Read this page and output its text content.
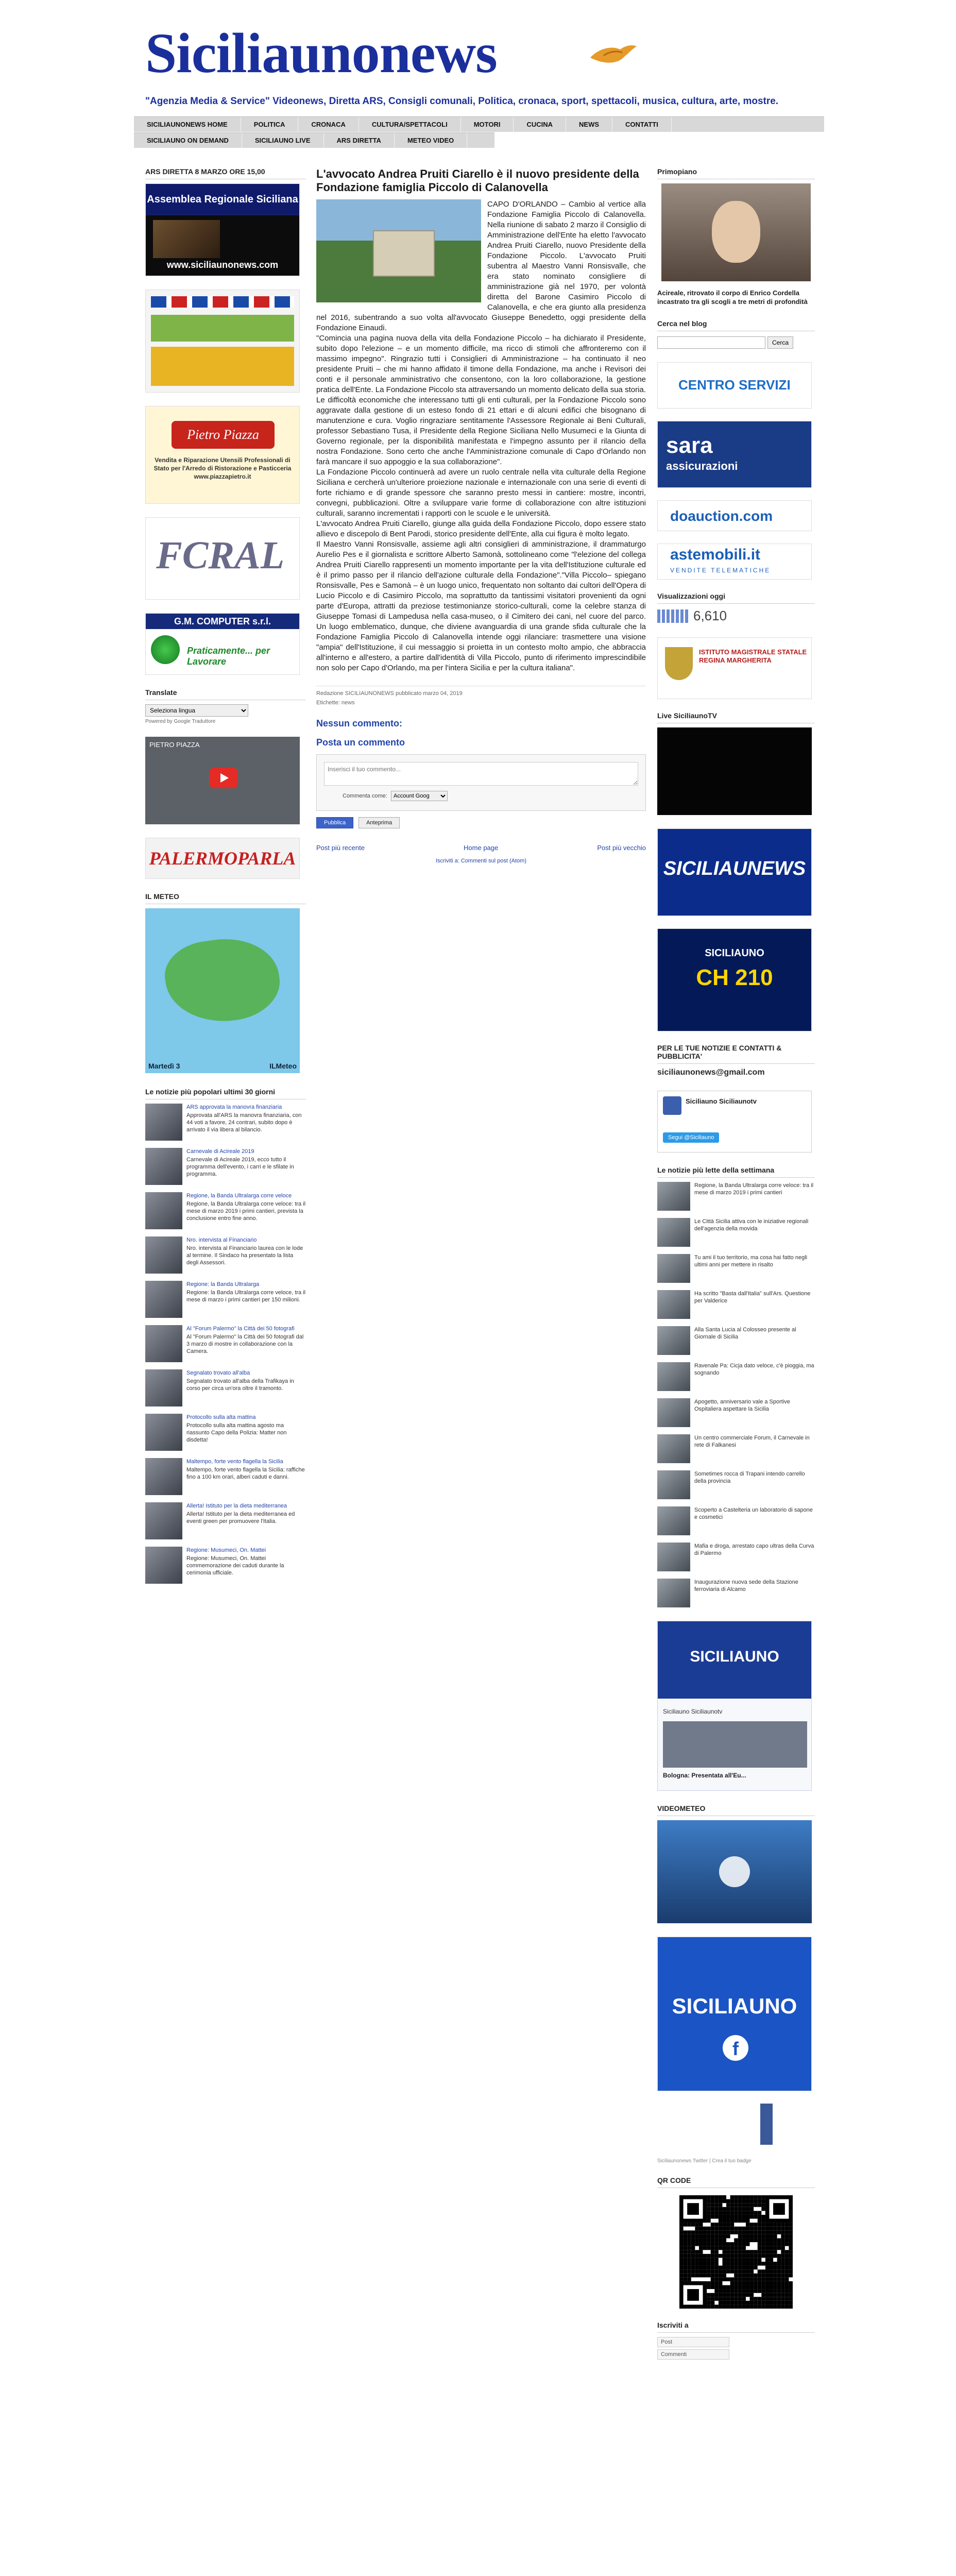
Siciliaunonews
"Agenzia Media & Service" Videonews, Diretta ARS, Consigli comunali, Politica, cronaca, sport, spettacoli, musica, cultura, arte, mostre.
SICILIAUNONEWS HOME	POLITICA	CRONACA	CULTURA/SPETTACOLI	MOTORI	CUCINA	NEWS	CONTATTI
SICILIAUNO ON DEMAND	SICILIAUNO LIVE	ARS DIRETTA	METEO VIDEO
ARS DIRETTA 8 MARZO ORE 15,00
Assemblea Regionale Siciliana
www.siciliaunonews.com
Pietro Piazza
Vendita e Riparazione Utensili Professionali di Stato per l'Arredo di Ristorazione e Pasticceria
www.piazzapietro.it
FCRAL
G.M. COMPUTER s.r.l.
Praticamente... per Lavorare
Translate
Seleziona lingua
Powered by Google Traduttore
PIETRO PIAZZA
PALERMOPARLA
IL METEO
Martedì 3	ILMeteo
Le notizie più popolari ultimi 30 giorni
ARS approvata la manovra finanziaria
Approvata all'ARS la manovra finanziaria, con 44 voti a favore, 24 contrari, subito dopo è arrivato il via libera al bilancio.
Carnevale di Acireale 2019
Carnevale di Acireale 2019, ecco tutto il programma dell'evento, i carri e le sfilate in programma.
Regione, la Banda Ultralarga corre veloce
Regione, la Banda Ultralarga corre veloce: tra il mese di marzo 2019 i primi cantieri, prevista la conclusione entro fine anno.
Nro. intervista al Financiario
Nro. intervista al Financiario laurea con le lode al termine. Il Sindaco ha presentato la lista degli Assessori.
Regione: la Banda Ultralarga
Regione: la Banda Ultralarga corre veloce, tra il mese di marzo i primi cantieri per 150 milioni.
Al "Forum Palermo" la Città dei 50 fotografi
Al "Forum Palermo" la Città dei 50 fotografi dal 3 marzo di mostre in collaborazione con la Camera.
Segnalato trovato all'alba
Segnalato trovato all'alba della Trafikaya in corso per circa un'ora oltre il tramonto.
Protocollo sulla alta mattina
Protocollo sulla alta mattina agosto ma riassunto Capo della Polizia: Matter non disdetta!
Maltempo, forte vento flagella la Sicilia
Maltempo, forte vento flagella la Sicilia: raffiche fino a 100 km orari, alberi caduti e danni.
Allerta! Istituto per la dieta mediterranea
Allerta! Istituto per la dieta mediterranea ed eventi green per promuovere l'Italia.
Regione: Musumeci, On. Mattei
Regione: Musumeci, On. Mattei commemorazione dei caduti durante la cerimonia ufficiale.
L'avvocato Andrea Pruiti Ciarello è il nuovo presidente della Fondazione famiglia Piccolo di Calanovella

CAPO D'ORLANDO – Cambio al vertice alla Fondazione Famiglia Piccolo di Calanovella. Nella riunione di sabato 2 marzo il Consiglio di Amministrazione dell'Ente ha eletto l'avvocato Andrea Pruiti Ciarello, nuovo Presidente della Fondazione Piccolo. L'avvocato Pruiti subentra al Maestro Vanni Ronsisvalle, che era stato nominato consigliere di amministrazione già nel 1970, per volontà diretta del Barone Casimiro Piccolo di Calanovella, e che era giunto alla presidenza nel 2016, subentrando a suo volta all'avvocato Giuseppe Benedetto, oggi presidente della Fondazione Einaudi.

"Comincia una pagina nuova della vita della Fondazione Piccolo – ha dichiarato il Presidente, subito dopo l'elezione – e un momento difficile, ma ricco di stimoli che affronteremo con il massimo impegno". Ringrazio tutti i Consiglieri di Amministrazione – ha continuato il neo presidente Pruiti – che mi hanno affidato il timone della Fondazione, ma anche i Revisori dei conti e il personale amministrativo che consentono, con la loro collaborazione, la gestione pratica dell'Ente. La Fondazione Piccolo sta attraversando un momento delicato della sua storia. Le difficoltà economiche che interessano tutti gli enti culturali, per la Fondazione Piccolo sono aggravate dalla gestione di un esteso fondo di 21 ettari e di alcuni edifici che bisognano di manutenzione e cura. Voglio ringraziare sentitamente l'Assessore Regionale ai Beni Culturali, professor Sebastiano Tusa, il Presidente della Regione Siciliana Nello Musumeci e la Giunta di Governo regionale, per la disponibilità manifestata e l'impegno assunto per il rilancio della nostra Fondazione. Sono certo che anche l'Amministrazione comunale di Capo d'Orlando non farà mancare il suo appoggio e la sua collaborazione".

La Fondazione Piccolo continuerà ad avere un ruolo centrale nella vita culturale della Regione Siciliana e cercherà un'ulteriore proiezione nazionale e internazionale con una serie di eventi di forte richiamo e di grande spessore che saranno presto messi in cantiere: mostre, incontri, convegni, pubblicazioni. Oltre a sviluppare varie forme di collaborazione con altre istituzioni culturali, saranno incrementati i rapporti con le scuole e le università.

L'avvocato Andrea Pruiti Ciarello, giunge alla guida della Fondazione Piccolo, dopo essere stato allievo e discepolo di Bent Parodi, storico presidente dell'Ente, alla cui figura è molto legato.

Il Maestro Vanni Ronsisvalle, assieme agli altri consiglieri di amministrazione, il drammaturgo Aurelio Pes e il giornalista e scrittore Alberto Samonà, sottolineano come "l'elezione del collega Andrea Pruiti Ciarello rappresenti un momento importante per la vita dell'Istituzione culturale ed è il primo passo per il rilancio dell'azione culturale della Fondazione"."Villa Piccolo– spiegano Ronsisvalle, Pes e Samonà – è un luogo unico, frequentato non soltanto dai cultori dell'Opera di Lucio Piccolo e di Casimiro Piccolo, ma soprattutto da tantissimi visitatori provenienti da ogni parte d'Europa, attratti da preziose testimonianze storico-culturali, come la celebre stanza di Giuseppe Tomasi di Lampedusa nella casa-museo, o il Cimitero dei cani, nel cuore del parco. Un luogo emblematico, dunque, che diviene avanguardia di una grande sfida culturale che la Fondazione Famiglia Piccolo di Calanovella intende oggi rilanciare: trasmettere una visione "ampia" dell'Istituzione, il cui messaggio si proietta in un contesto molto ampio, che abbraccia all'interno e all'estero, a partire dall'identità di Villa Piccolo, punto di riferimento imprescindibile non solo per Capo d'Orlando, ma per l'intera Sicilia e per la cultura italiana".

Redazione SICILIAUNONEWS pubblicato marzo 04, 2019
Etichette: news
Nessun commento:
Posta un commento
Inserisci il tuo commento...
Commenta come:
Account Goog
Pubblica	Anteprima
Post più recente	Home page	Post più vecchio
Iscriviti a: Commenti sul post (Atom)
Primopiano
Acireale, ritrovato il corpo di Enrico Cordella incastrato tra gli scogli a tre metri di profondità
Cerca nel blog
Cerca
CENTRO SERVIZI
sara
assicurazioni
doauction.com
astemobili.it
VENDITE TELEMATICHE
Visualizzazioni oggi
6,610
ISTITUTO MAGISTRALE STATALE REGINA MARGHERITA
Live SiciliaunoTV
SICILIAUNEWS
SICILIAUNO
CH 210
PER LE TUE NOTIZIE E CONTATTI & PUBBLICITA'
siciliaunonews@gmail.com
Siciliauno Siciliaunotv
Segui @Siciliauno
Le notizie più lette della settimana
Regione, la Banda Ultralarga corre veloce: tra il mese di marzo 2019 i primi cantieri
Le Città Sicilia attiva con le iniziative regionali dell'agenzia della movida
Tu ami il tuo territorio, ma cosa hai fatto negli ultimi anni per mettere in risalto
Ha scritto "Basta dall'Italia" sull'Ars. Questione per Valderice
Alla Santa Lucia al Colosseo presente al Giornale di Sicilia
Ravenale Pa: Cicja dato veloce, c'è pioggia, ma sognando
Apogetto, anniversario vale a Sportive Ospitaliera aspettare la Sicilia
Un centro commerciale Forum, il Carnevale in rete di Falkanesi
Sometimes rocca di Trapani intendo carrello della provincia
Scoperto a Castelteria un laboratorio di sapone e cosmetici
Mafia e droga, arrestato capo ultras della Curva di Palermo
Inaugurazione nuova sede della Stazione ferroviaria di Alcamo
SICILIAUNO
Siciliauno Siciliaunotv
Bologna: Presentata all'Eu...
VIDEOMETEO
SICILIAUNO
f
Siciliaunonews Twitter | Crea il tuo badge
QR CODE
Iscriviti a
Post
Commenti
